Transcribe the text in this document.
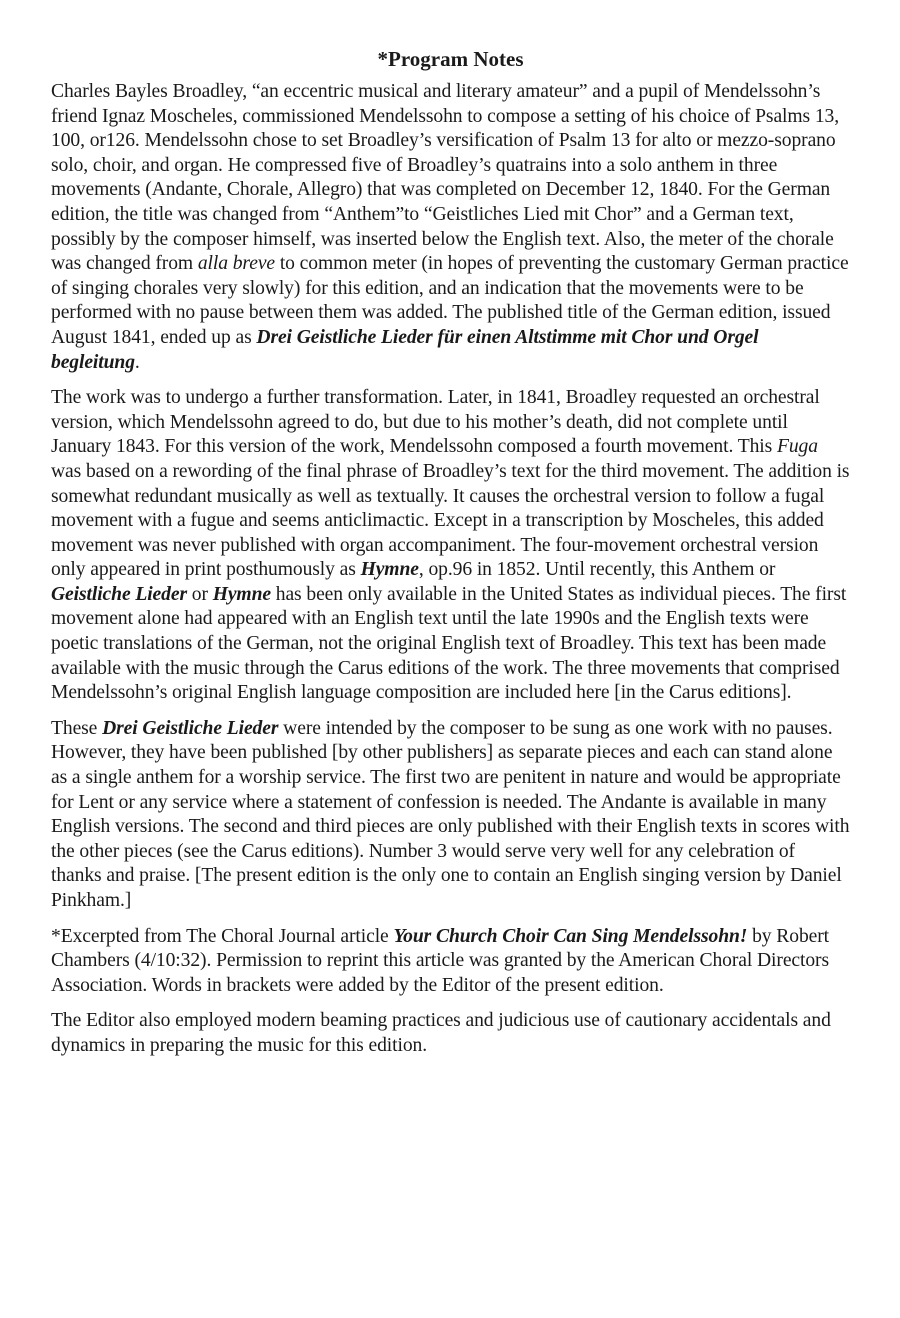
*Program Notes

Charles Bayles Broadley, “an eccentric musical and literary amateur” and a pupil of Mendelssohn’s friend Ignaz Moscheles, commissioned Mendelssohn to compose a setting of his choice of Psalms 13, 100, or126. Mendelssohn chose to set Broadley’s versification of Psalm 13 for alto or mezzo-soprano solo, choir, and organ. He compressed five of Broadley’s quatrains into a solo anthem in three movements (Andante, Chorale, Allegro) that was completed on December 12, 1840. For the German edition, the title was changed from “Anthem”to “Geistliches Lied mit Chor” and a German text, possibly by the composer himself, was inserted below the English text. Also, the meter of the chorale was changed from alla breve to common meter (in hopes of preventing the customary German practice of singing chorales very slowly) for this edition, and an indication that the movements were to be performed with no pause between them was added. The published title of the German edition, issued August 1841, ended up as Drei Geistliche Lieder für einen Altstimme mit Chor und Orgel begleitung.

The work was to undergo a further transformation. Later, in 1841, Broadley requested an orchestral version, which Mendelssohn agreed to do, but due to his mother’s death, did not complete until January 1843. For this version of the work, Mendelssohn composed a fourth movement. This Fuga was based on a rewording of the final phrase of Broadley’s text for the third movement. The addition is somewhat redundant musically as well as textually. It causes the orchestral version to follow a fugal movement with a fugue and seems anticlimactic. Except in a transcription by Moscheles, this added movement was never published with organ accompaniment. The four-movement orchestral version only appeared in print posthumously as Hymne, op.96 in 1852. Until recently, this Anthem or Geistliche Lieder or Hymne has been only available in the United States as individual pieces. The first movement alone had appeared with an English text until the late 1990s and the English texts were poetic translations of the German, not the original English text of Broadley. This text has been made available with the music through the Carus editions of the work. The three movements that comprised Mendelssohn’s original English language composition are included here [in the Carus editions].

These Drei Geistliche Lieder were intended by the composer to be sung as one work with no pauses. However, they have been published [by other publishers] as separate pieces and each can stand alone as a single anthem for a worship service. The first two are penitent in nature and would be appropriate for Lent or any service where a statement of confession is needed. The Andante is available in many English versions. The second and third pieces are only published with their English texts in scores with the other pieces (see the Carus editions). Number 3 would serve very well for any celebration of thanks and praise. [The present edition is the only one to contain an English singing version by Daniel Pinkham.]

*Excerpted from The Choral Journal article Your Church Choir Can Sing Mendelssohn! by Robert Chambers (4/10:32). Permission to reprint this article was granted by the American Choral Directors Association. Words in brackets were added by the Editor of the present edition.

The Editor also employed modern beaming practices and judicious use of cautionary accidentals and dynamics in preparing the music for this edition.
